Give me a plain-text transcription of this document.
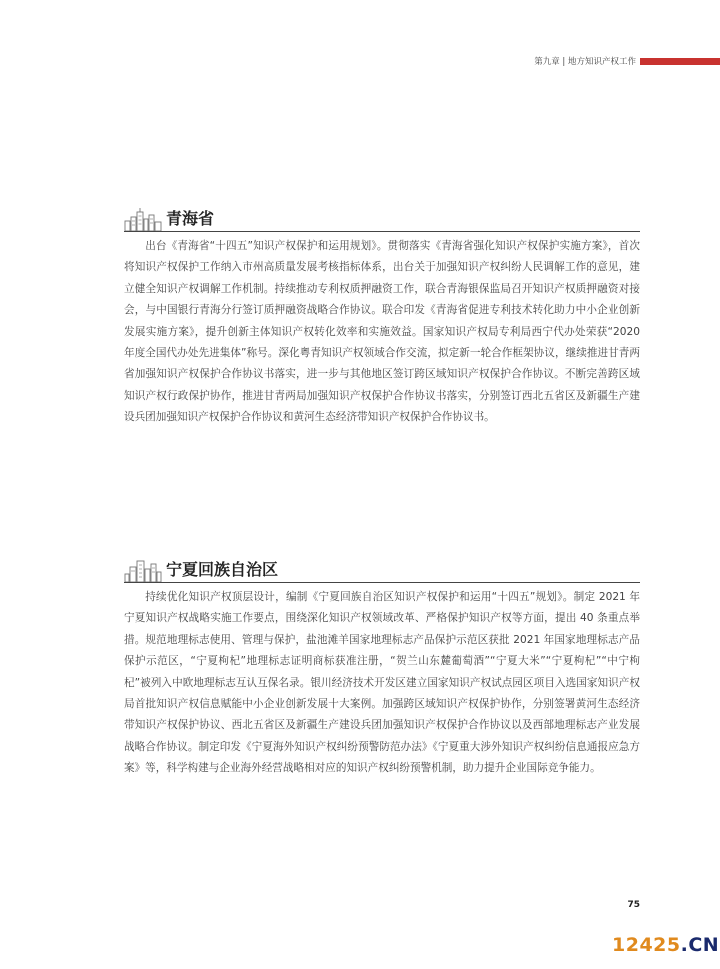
第九章 | 地方知识产权工作
青海省

出台《青海省“十四五”知识产权保护和运用规划》。贯彻落实《青海省强化知识产权保护实施方案》，首次将知识产权保护工作纳入市州高质量发展考核指标体系，出台关于加强知识产权纠纷人民调解工作的意见，建立健全知识产权调解工作机制。持续推动专利权质押融资工作，联合青海银保监局召开知识产权质押融资对接会，与中国银行青海分行签订质押融资战略合作协议。联合印发《青海省促进专利技术转化助力中小企业创新发展实施方案》，提升创新主体知识产权转化效率和实施效益。国家知识产权局专利局西宁代办处荣获“2020 年度全国代办处先进集体”称号。深化粤青知识产权领域合作交流，拟定新一轮合作框架协议，继续推进甘青两省加强知识产权保护合作协议书落实，进一步与其他地区签订跨区域知识产权保护合作协议。不断完善跨区域知识产权行政保护协作，推进甘青两局加强知识产权保护合作协议书落实，分别签订西北五省区及新疆生产建设兵团加强知识产权保护合作协议和黄河生态经济带知识产权保护合作协议书。

宁夏回族自治区

持续优化知识产权顶层设计，编制《宁夏回族自治区知识产权保护和运用“十四五”规划》。制定 2021 年宁夏知识产权战略实施工作要点，围绕深化知识产权领域改革、严格保护知识产权等方面，提出 40 条重点举措。规范地理标志使用、管理与保护，盐池滩羊国家地理标志产品保护示范区获批 2021 年国家地理标志产品保护示范区，“宁夏枸杞”地理标志证明商标获准注册，“贺兰山东麓葡萄酒”“宁夏大米”“宁夏枸杞”“中宁枸杞”被列入中欧地理标志互认互保名录。银川经济技术开发区建立国家知识产权试点园区项目入选国家知识产权局首批知识产权信息赋能中小企业创新发展十大案例。加强跨区域知识产权保护协作，分别签署黄河生态经济带知识产权保护协议、西北五省区及新疆生产建设兵团加强知识产权保护合作协议以及西部地理标志产业发展战略合作协议。制定印发《宁夏海外知识产权纠纷预警防范办法》《宁夏重大涉外知识产权纠纷信息通报应急方案》等，科学构建与企业海外经营战略相对应的知识产权纠纷预警机制，助力提升企业国际竞争能力。

75
12425.CN
